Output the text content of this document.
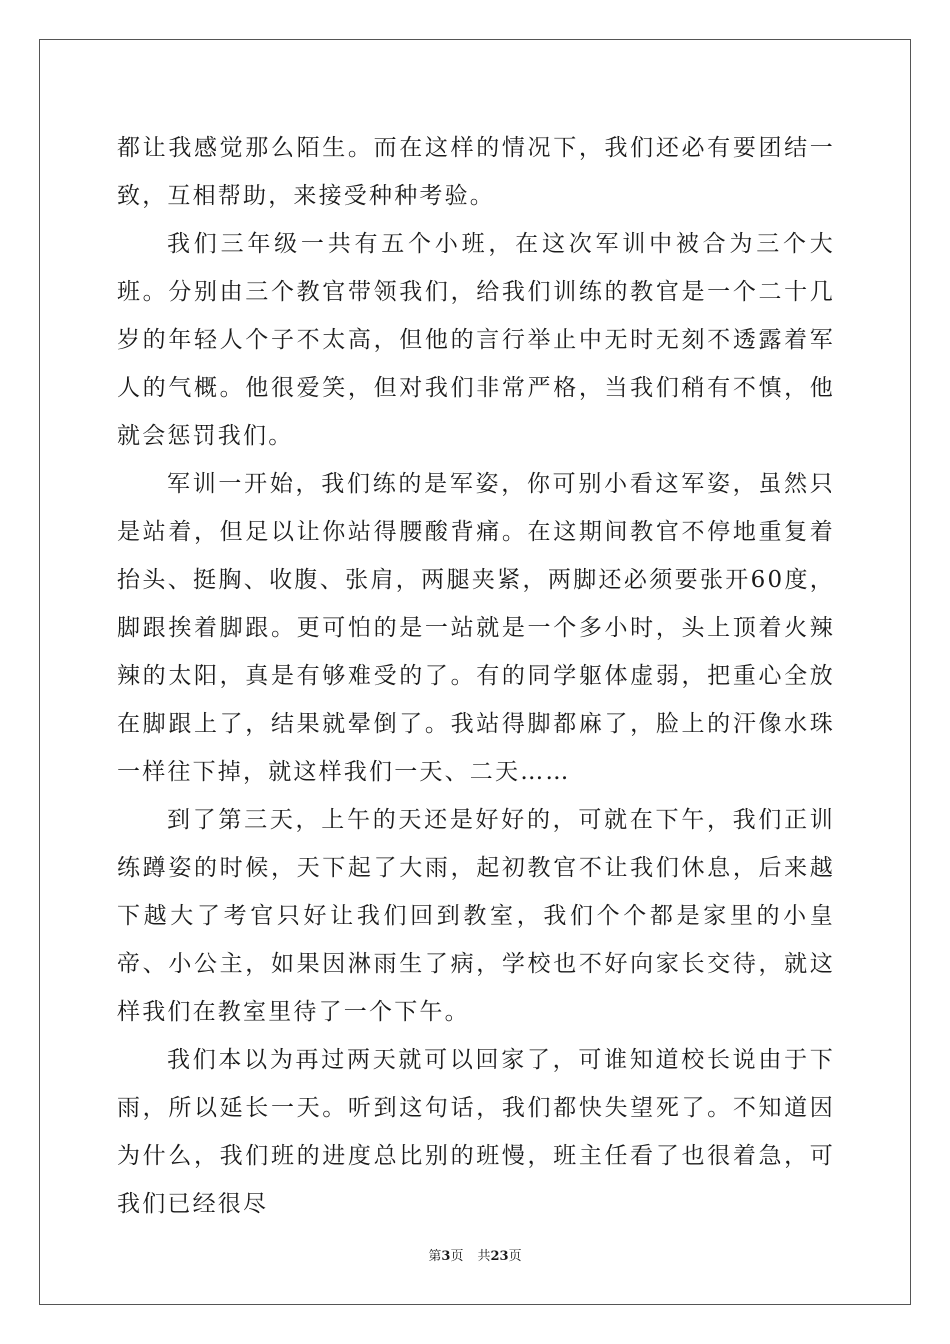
都让我感觉那么陌生。而在这样的情况下，我们还必有要团结一致，互相帮助，来接受种种考验。

我们三年级一共有五个小班，在这次军训中被合为三个大班。分别由三个教官带领我们，给我们训练的教官是一个二十几岁的年轻人个子不太高，但他的言行举止中无时无刻不透露着军人的气概。他很爱笑，但对我们非常严格，当我们稍有不慎，他就会惩罚我们。

军训一开始，我们练的是军姿，你可别小看这军姿，虽然只是站着，但足以让你站得腰酸背痛。在这期间教官不停地重复着抬头、挺胸、收腹、张肩，两腿夹紧，两脚还必须要张开60度，脚跟挨着脚跟。更可怕的是一站就是一个多小时，头上顶着火辣辣的太阳，真是有够难受的了。有的同学躯体虚弱，把重心全放在脚跟上了，结果就晕倒了。我站得脚都麻了，脸上的汗像水珠一样往下掉，就这样我们一天、二天……

到了第三天，上午的天还是好好的，可就在下午，我们正训练蹲姿的时候，天下起了大雨，起初教官不让我们休息，后来越下越大了考官只好让我们回到教室，我们个个都是家里的小皇帝、小公主，如果因淋雨生了病，学校也不好向家长交待，就这样我们在教室里待了一个下午。

我们本以为再过两天就可以回家了，可谁知道校长说由于下雨，所以延长一天。听到这句话，我们都快失望死了。不知道因为什么，我们班的进度总比别的班慢，班主任看了也很着急，可我们已经很尽

第3页 共23页
